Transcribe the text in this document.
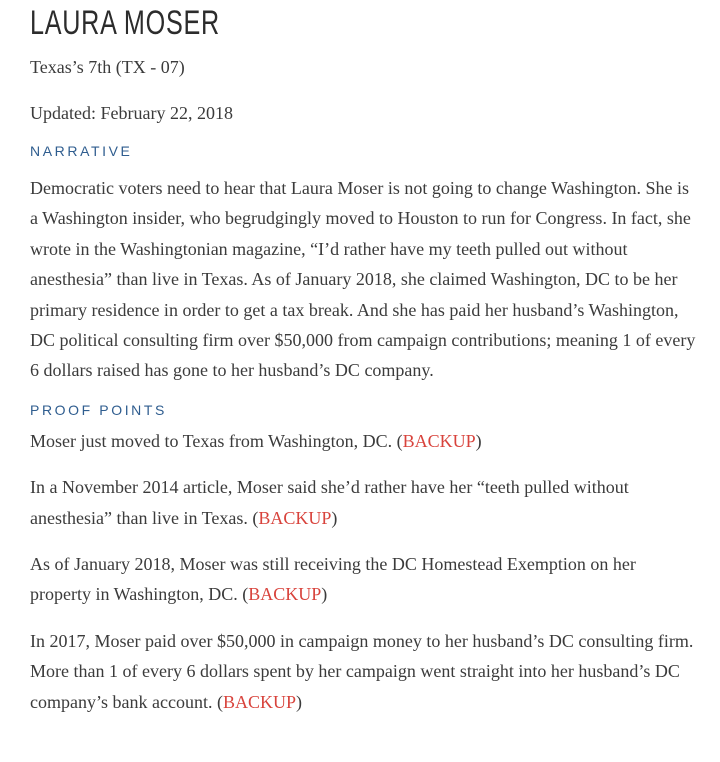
LAURA MOSER
Texas’s 7th (TX - 07)
Updated: February 22, 2018
NARRATIVE

Democratic voters need to hear that Laura Moser is not going to change Washington. She is a Washington insider, who begrudgingly moved to Houston to run for Congress. In fact, she wrote in the Washingtonian magazine, “I’d rather have my teeth pulled out without anesthesia” than live in Texas. As of January 2018, she claimed Washington, DC to be her primary residence in order to get a tax break. And she has paid her husband’s Washington, DC political consulting firm over $50,000 from campaign contributions; meaning 1 of every 6 dollars raised has gone to her husband’s DC company.

PROOF POINTS

Moser just moved to Texas from Washington, DC. (BACKUP)

In a November 2014 article, Moser said she’d rather have her “teeth pulled without anesthesia” than live in Texas. (BACKUP)

As of January 2018, Moser was still receiving the DC Homestead Exemption on her property in Washington, DC. (BACKUP)

In 2017, Moser paid over $50,000 in campaign money to her husband’s DC consulting firm. More than 1 of every 6 dollars spent by her campaign went straight into her husband’s DC company’s bank account. (BACKUP)
